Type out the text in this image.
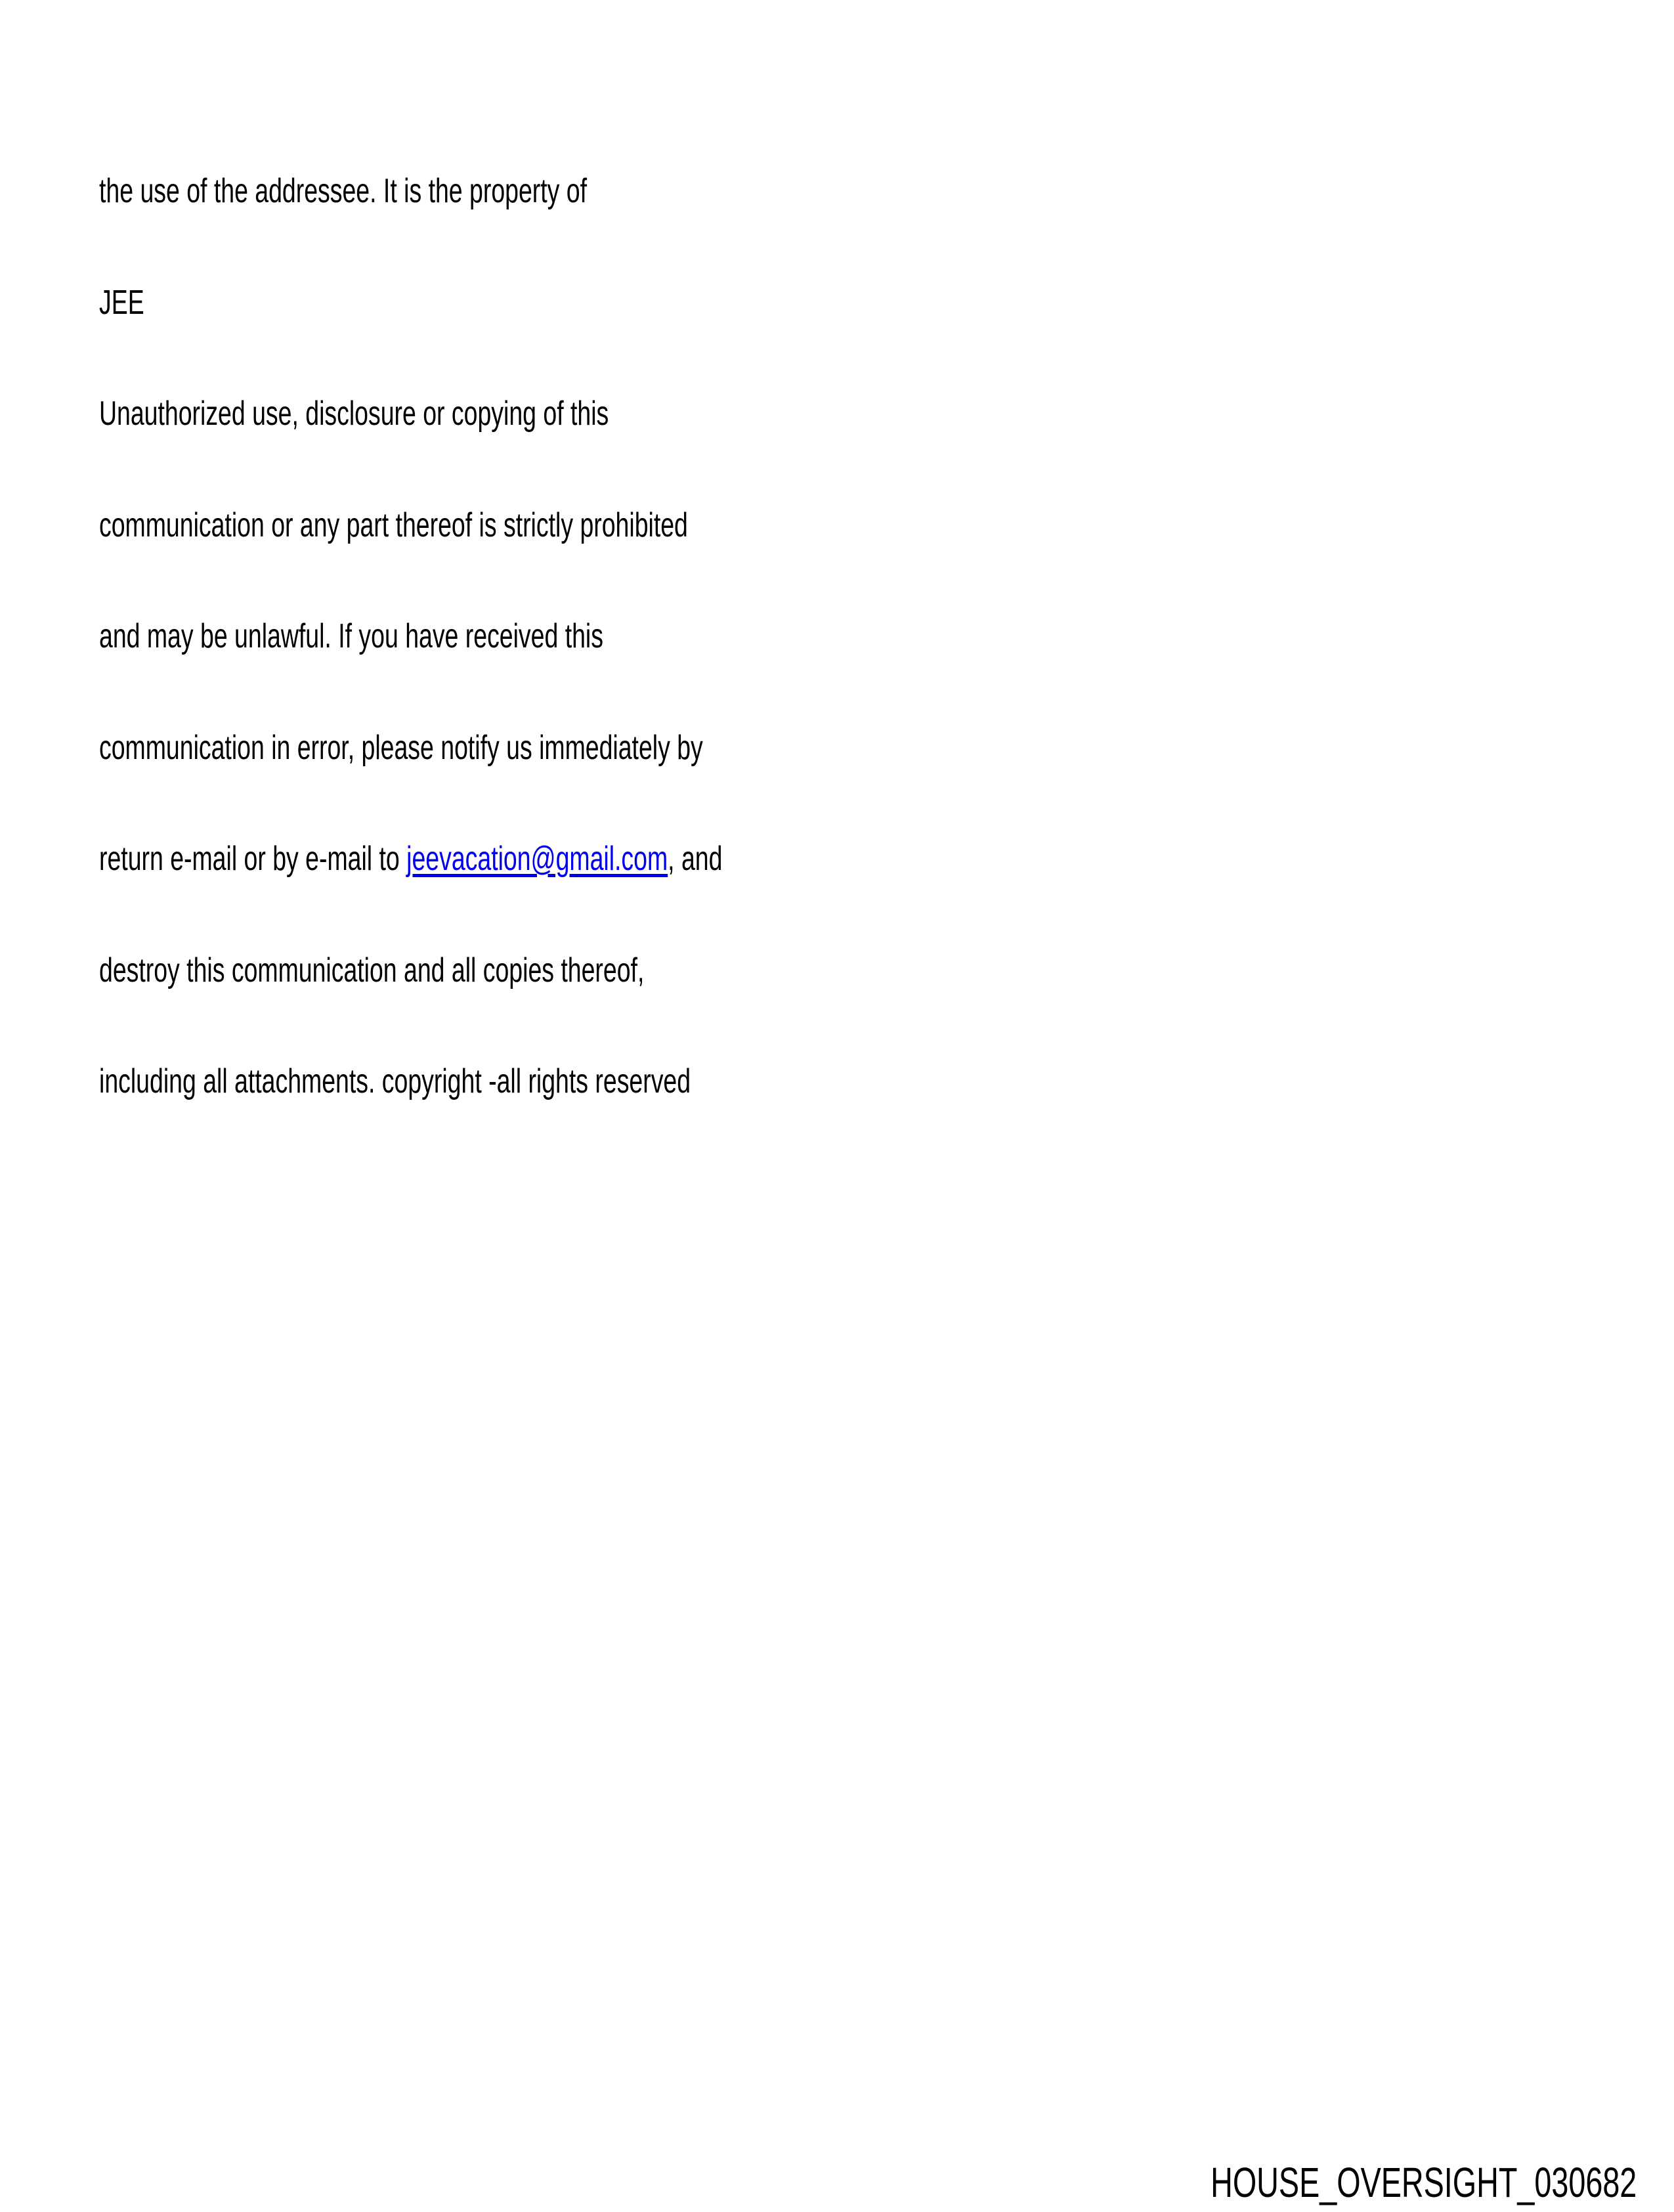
the use of the addressee. It is the property of

JEE

Unauthorized use, disclosure or copying of this

communication or any part thereof is strictly prohibited

and may be unlawful. If you have received this

communication in error, please notify us immediately by

return e-mail or by e-mail to jeevacation@gmail.com, and

destroy this communication and all copies thereof,

including all attachments. copyright -all rights reserved

HOUSE_OVERSIGHT_030682
